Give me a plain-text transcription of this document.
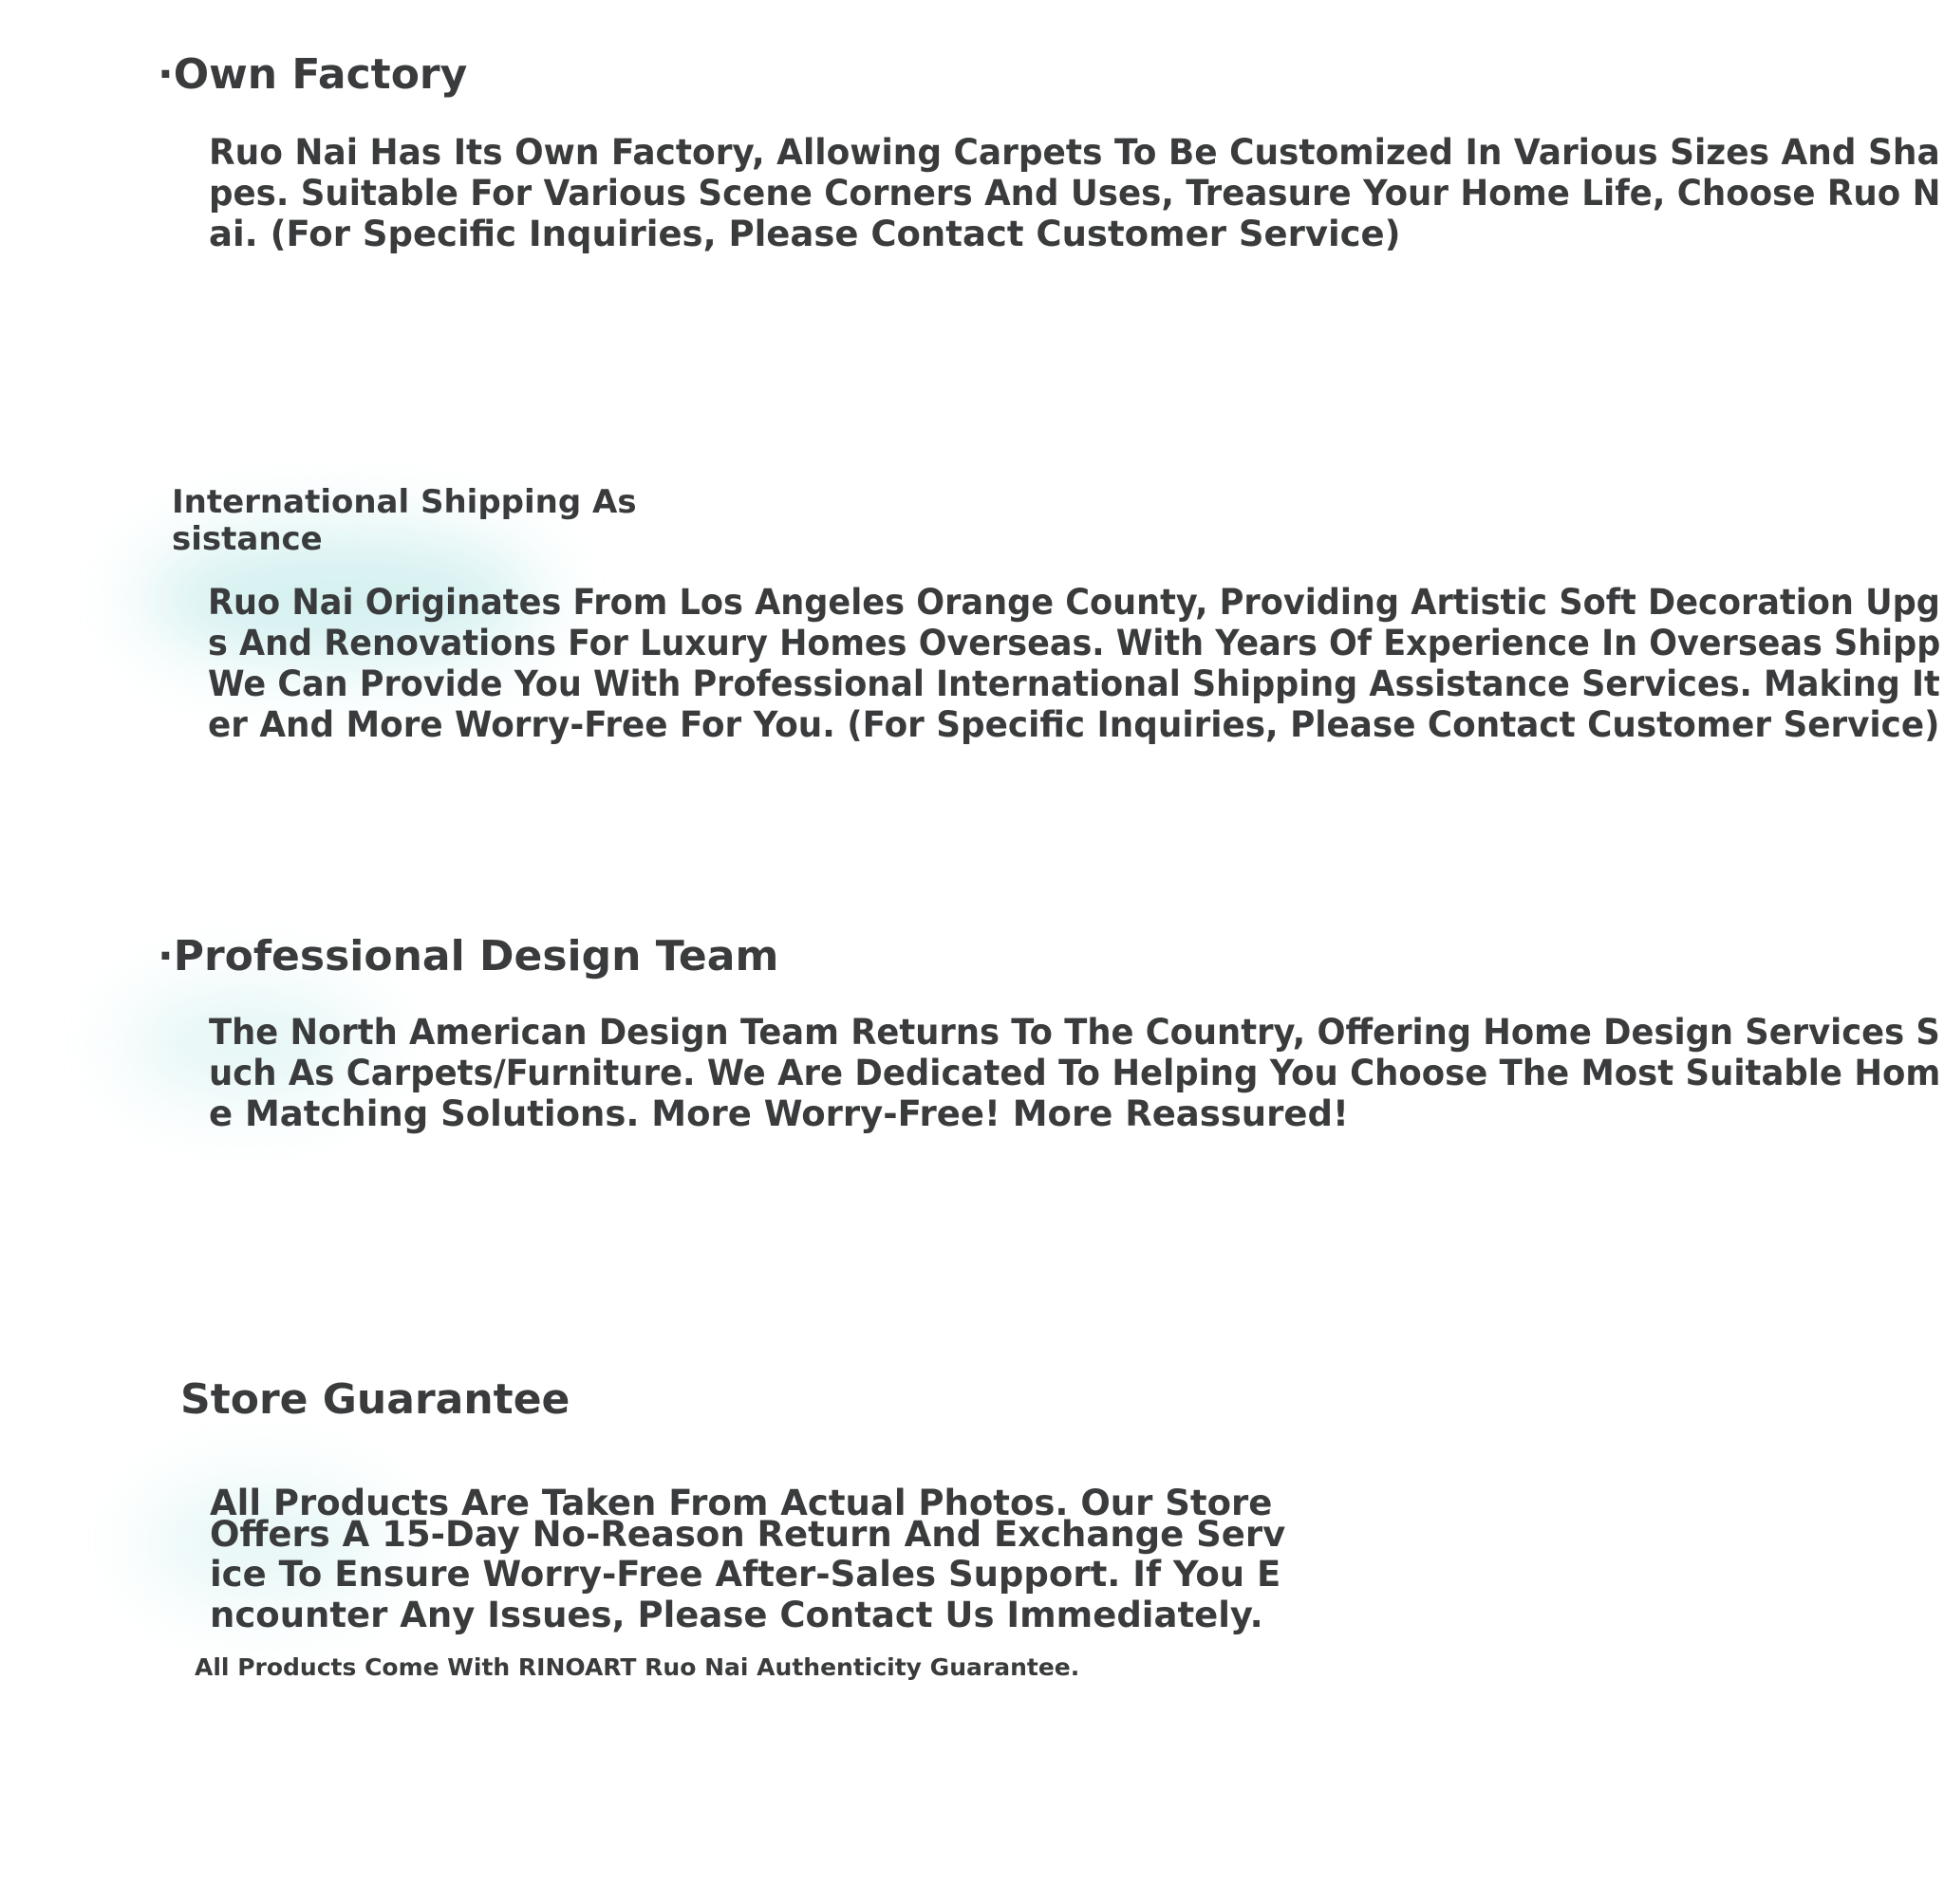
·Own Factory

Ruo Nai Has Its Own Factory, Allowing Carpets To Be Customized In Various Sizes And Sha

pes. Suitable For Various Scene Corners And Uses, Treasure Your Home Life, Choose Ruo N

ai. (For Specific Inquiries, Please Contact Customer Service)

International Shipping As

sistance

Ruo Nai Originates From Los Angeles Orange County, Providing Artistic Soft Decoration Upg

s And Renovations For Luxury Homes Overseas. With Years Of Experience In Overseas Shipp

We Can Provide You With Professional International Shipping Assistance Services. Making It

er And More Worry-Free For You. (For Specific Inquiries, Please Contact Customer Service)

·Professional Design Team

The North American Design Team Returns To The Country, Offering Home Design Services S

uch As Carpets/Furniture. We Are Dedicated To Helping You Choose The Most Suitable Hom

e Matching Solutions. More Worry-Free! More Reassured!

Store Guarantee

All Products Are Taken From Actual Photos. Our Store

Offers A 15-Day No-Reason Return And Exchange Serv

ice To Ensure Worry-Free After-Sales Support. If You E

ncounter Any Issues, Please Contact Us Immediately.

All Products Come With RINOART Ruo Nai Authenticity Guarantee.
